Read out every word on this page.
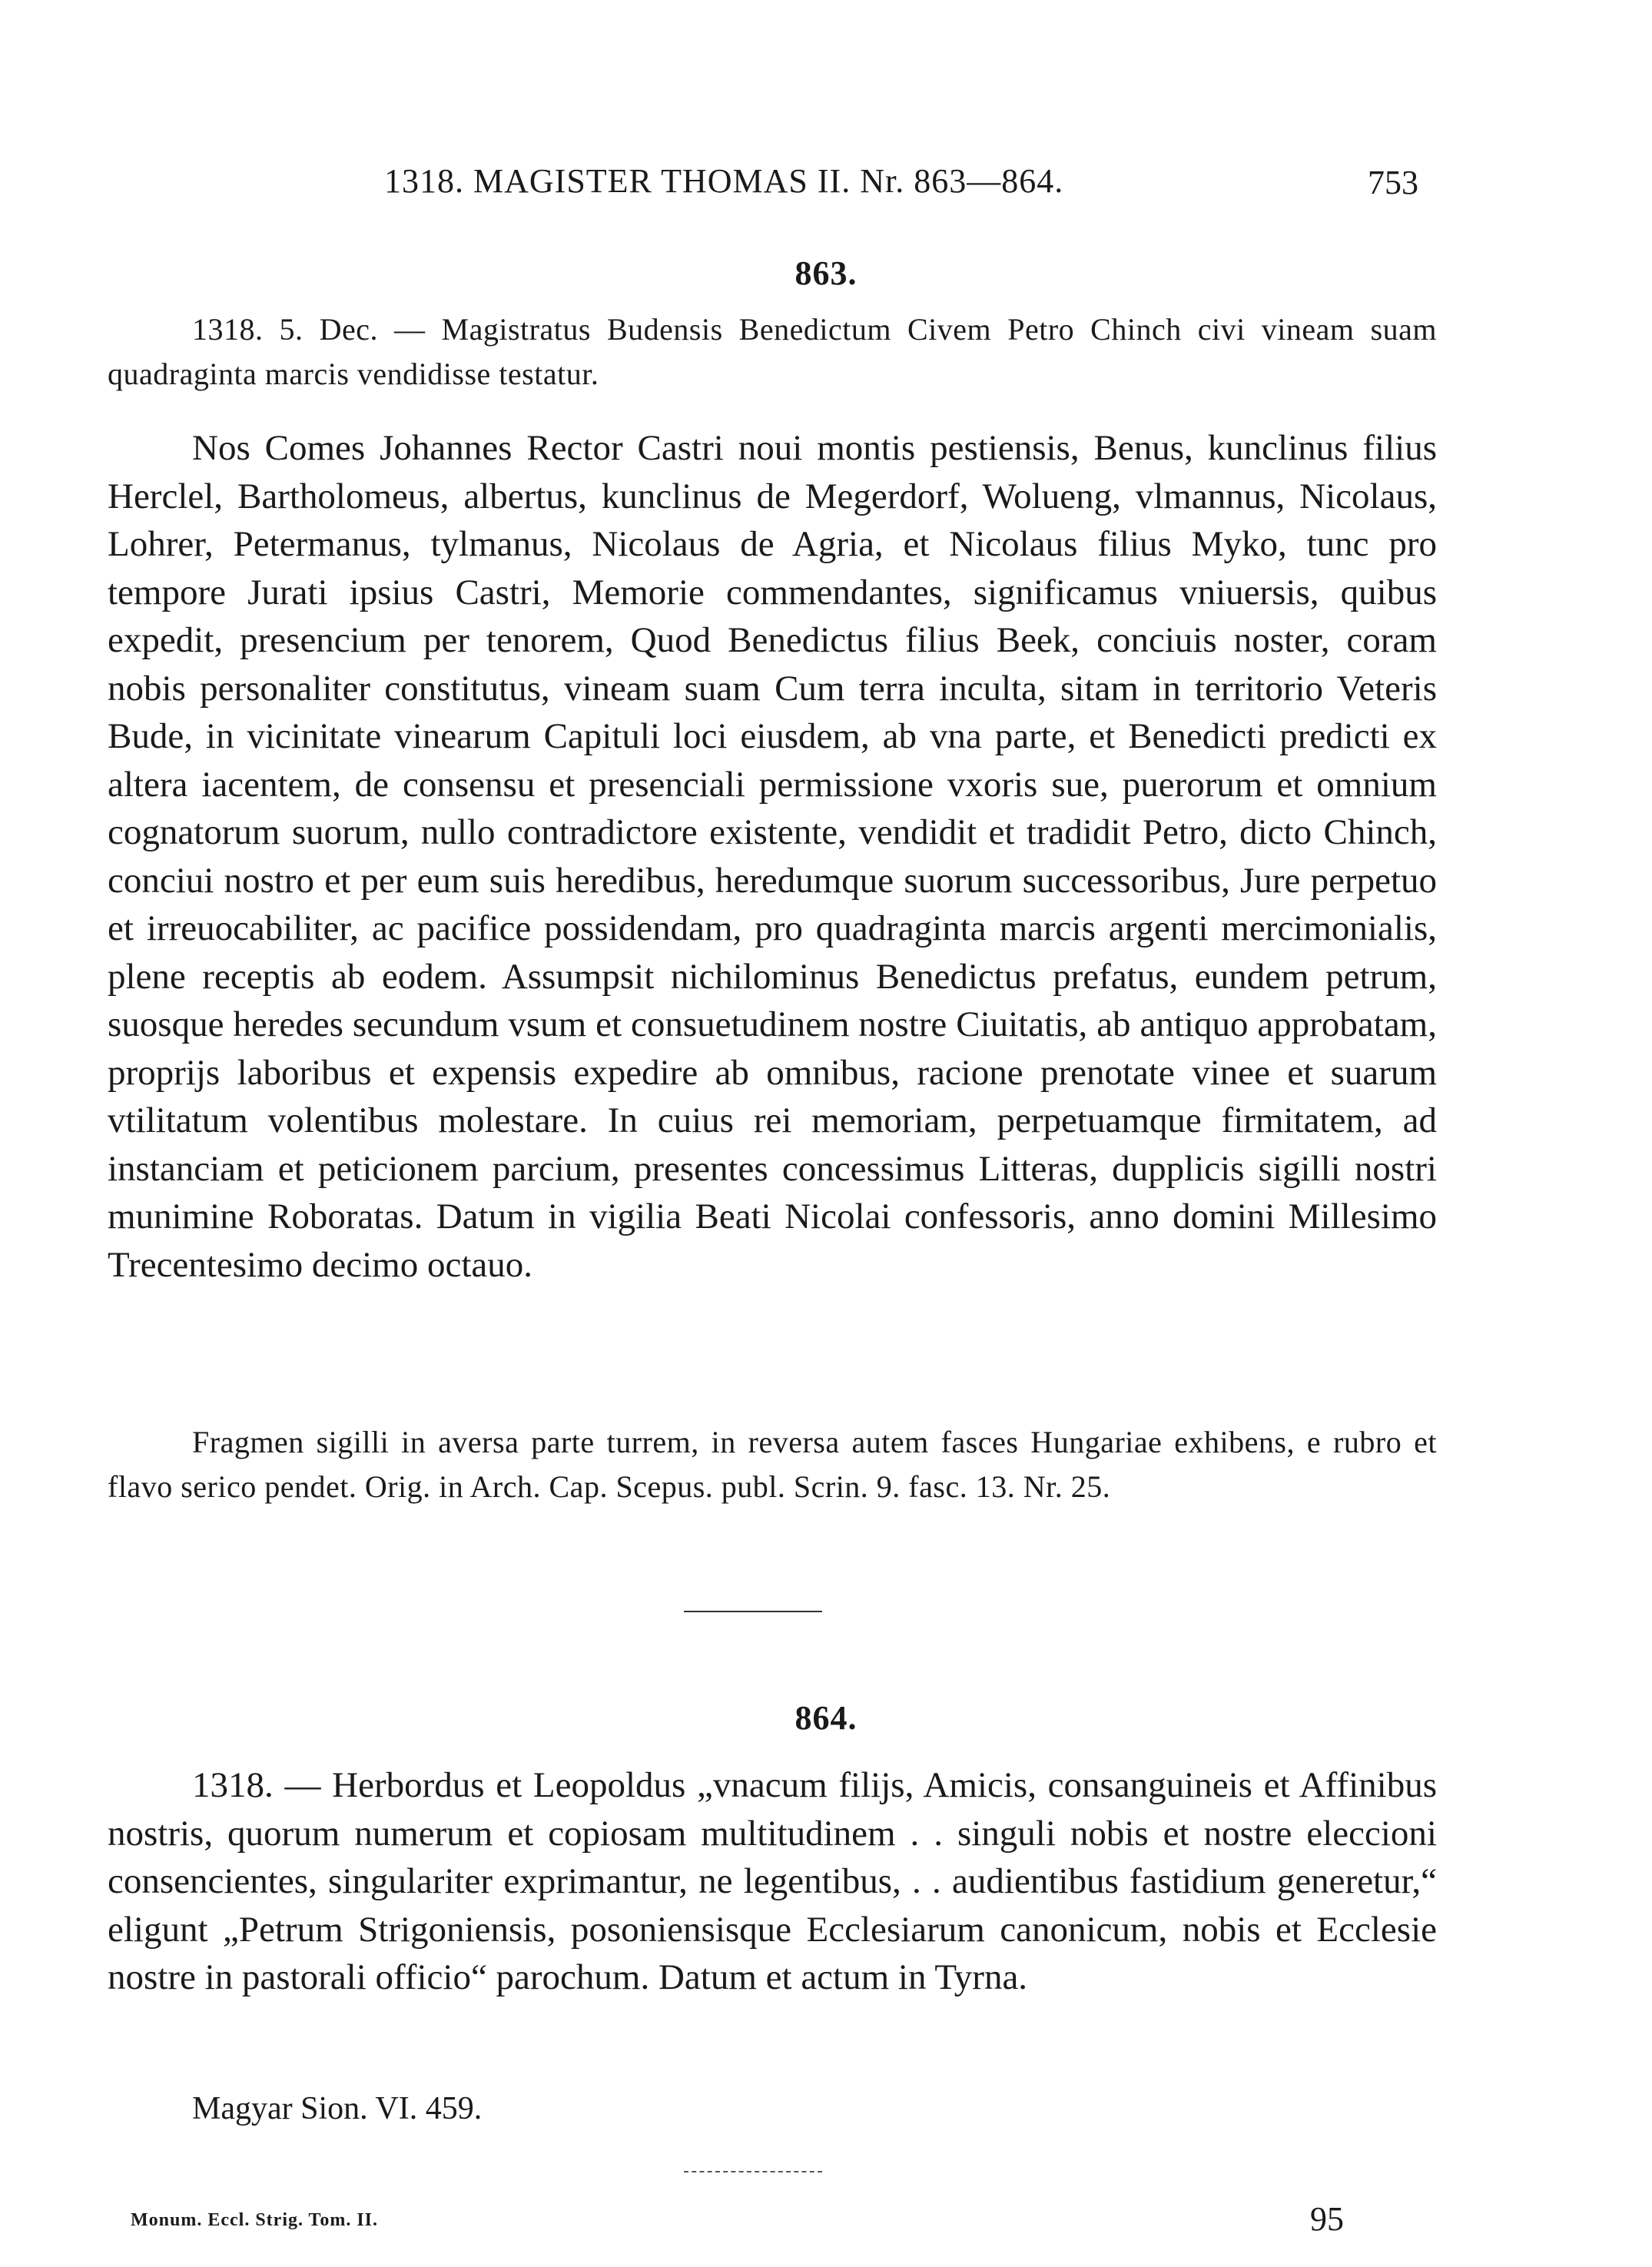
1318. MAGISTER THOMAS II. Nr. 863—864.	753
863.

1318. 5. Dec. — Magistratus Budensis Benedictum Civem Petro Chinch civi vineam suam quadraginta marcis vendidisse testatur.

Nos Comes Johannes Rector Castri noui montis pestiensis, Benus, kunclinus filius Herclel, Bartholomeus, albertus, kunclinus de Megerdorf, Wolueng, vlmannus, Nicolaus, Lohrer, Petermanus, tylmanus, Nicolaus de Agria, et Nicolaus filius Myko, tunc pro tempore Jurati ipsius Castri, Memorie commendantes, significamus vniuersis, quibus expedit, presencium per tenorem, Quod Benedictus filius Beek, conciuis noster, coram nobis personaliter constitutus, vineam suam Cum terra inculta, sitam in territorio Veteris Bude, in vicinitate vinearum Capituli loci eiusdem, ab vna parte, et Benedicti predicti ex altera iacentem, de consensu et presenciali permissione vxoris sue, puerorum et omnium cognatorum suorum, nullo contradictore existente, vendidit et tradidit Petro, dicto Chinch, conciui nostro et per eum suis heredibus, heredumque suorum successoribus, Jure perpetuo et irreuocabiliter, ac pacifice possidendam, pro quadraginta marcis argenti mercimonialis, plene receptis ab eodem. Assumpsit nichilominus Benedictus prefatus, eundem petrum, suosque heredes secundum vsum et consuetudinem nostre Ciuitatis, ab antiquo approbatam, proprijs laboribus et expensis expedire ab omnibus, racione prenotate vinee et suarum vtilitatum volentibus molestare. In cuius rei memoriam, perpetuamque firmitatem, ad instanciam et peticionem parcium, presentes concessimus Litteras, dupplicis sigilli nostri munimine Roboratas. Datum in vigilia Beati Nicolai confessoris, anno domini Millesimo Trecentesimo decimo octauo.

Fragmen sigilli in aversa parte turrem, in reversa autem fasces Hungariae exhibens, e rubro et flavo serico pendet. Orig. in Arch. Cap. Scepus. publ. Scrin. 9. fasc. 13. Nr. 25.

864.

1318. — Herbordus et Leopoldus „vnacum filijs, Amicis, consanguineis et Affinibus nostris, quorum numerum et copiosam multitudinem . . singuli nobis et nostre eleccioni consencientes, singulariter exprimantur, ne legentibus, . . audientibus fastidium generetur,“ eligunt „Petrum Strigoniensis, posoniensisque Ecclesiarum canonicum, nobis et Ecclesie nostre in pastorali officio“ parochum. Datum et actum in Tyrna.

Magyar Sion. VI. 459.

Monum. Eccl. Strig. Tom. II.	95
